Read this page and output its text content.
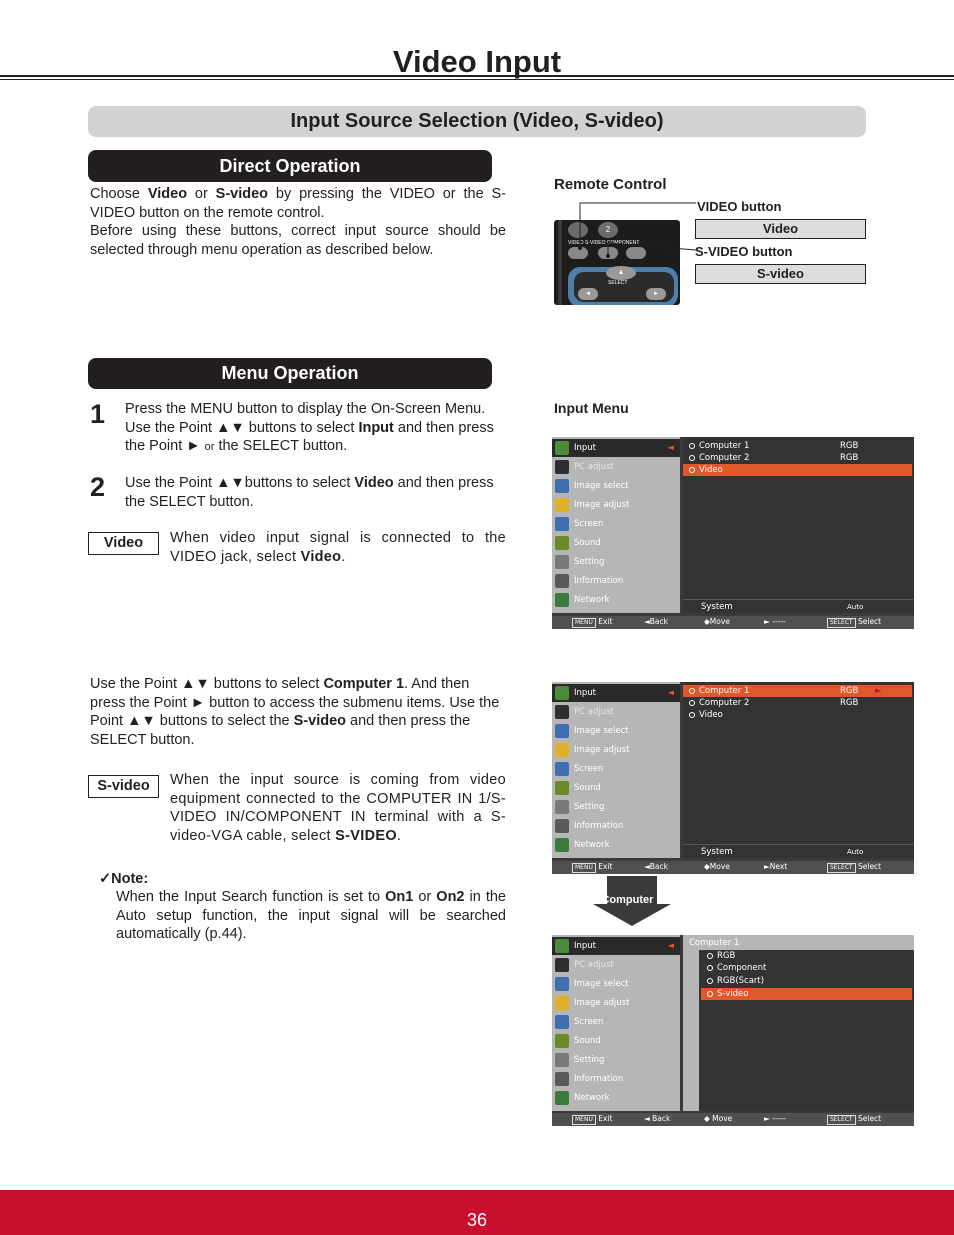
Video Input
Input Source Selection (Video, S-video)
Direct Operation
Choose Video or S-video by pressing the VIDEO or the S-VIDEO button on the remote control.
Before using these buttons, correct input source should be selected through menu operation as described below.
Remote Control
2
VIDEO S-VIDEO COMPONENT
▲
SELECT
◄	►
VIDEO button
Video
S-VIDEO button
S-video
Menu Operation
1 Press the MENU button to display the On-Screen Menu. Use the Point ▲▼ buttons to select Input and then press the Point ► or the SELECT button.
2 Use the Point ▲▼buttons to select Video and then press the SELECT button.
Video	When video input signal is connected to the VIDEO jack, select Video.
Use the Point ▲▼ buttons to select Computer 1. And then press the Point ► button to access the submenu items. Use the Point ▲▼ buttons to select the S-video and then press the SELECT button.
S-video	When the input source is coming from video equipment connected to the COMPUTER IN 1/S-VIDEO IN/COMPONENT IN terminal with a S-video-VGA cable, select S-VIDEO.
✓Note:
When the Input Search function is set to On1 or On2 in the Auto setup function, the input signal will be searched automatically (p.44).
Input Menu
Input	◄
PC adjust
Image select
Image adjust
Screen
Sound
Setting
Information
Network
Computer 1	RGB
Computer 2	RGB
Video
System	Auto
MENU Exit	◄Back	◆Move	► -----	SELECT Select
Input	◄
PC adjust
Image select
Image adjust
Screen
Sound
Setting
Information
Network
Computer 1	RGB ►
Computer 2	RGB
Video
System	Auto
MENU Exit	◄Back	◆Move	►Next	SELECT Select
Computer 1
Input	◄
PC adjust
Image select
Image adjust
Screen
Sound
Setting
Information
Network
Computer 1
RGB
Component
RGB(Scart)
S-video
MENU Exit	◄ Back	◆ Move	► -----	SELECT Select
36
